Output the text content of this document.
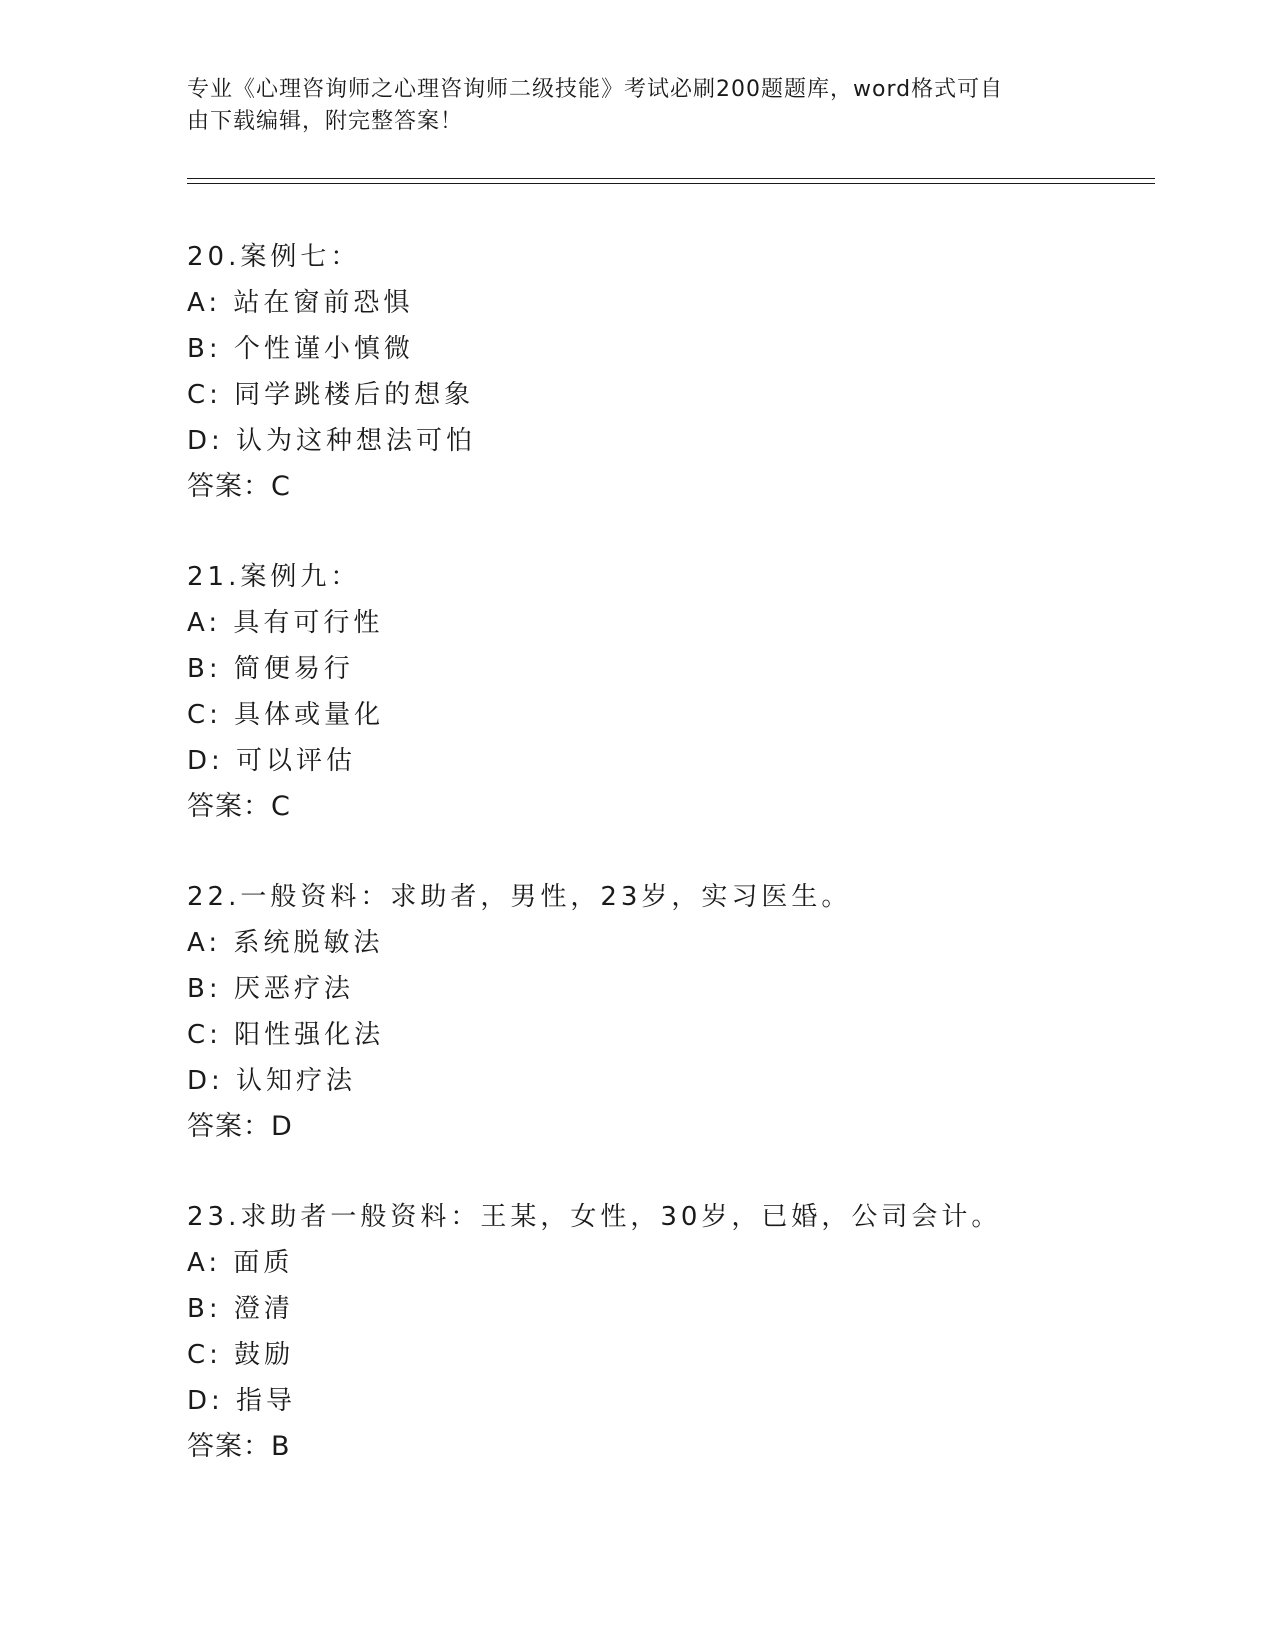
专业《心理咨询师之心理咨询师二级技能》考试必刷200题题库，word格式可自
由下载编辑，附完整答案！
20.案例七：
A: 站在窗前恐惧
B: 个性谨小慎微
C: 同学跳楼后的想象
D: 认为这种想法可怕
答案：C
21.案例九：
A: 具有可行性
B: 简便易行
C: 具体或量化
D: 可以评估
答案：C
22.一般资料：求助者，男性，23岁，实习医生。
A: 系统脱敏法
B: 厌恶疗法
C: 阳性强化法
D: 认知疗法
答案：D
23.求助者一般资料：王某，女性，30岁，已婚，公司会计。
A: 面质
B: 澄清
C: 鼓励
D: 指导
答案：B
